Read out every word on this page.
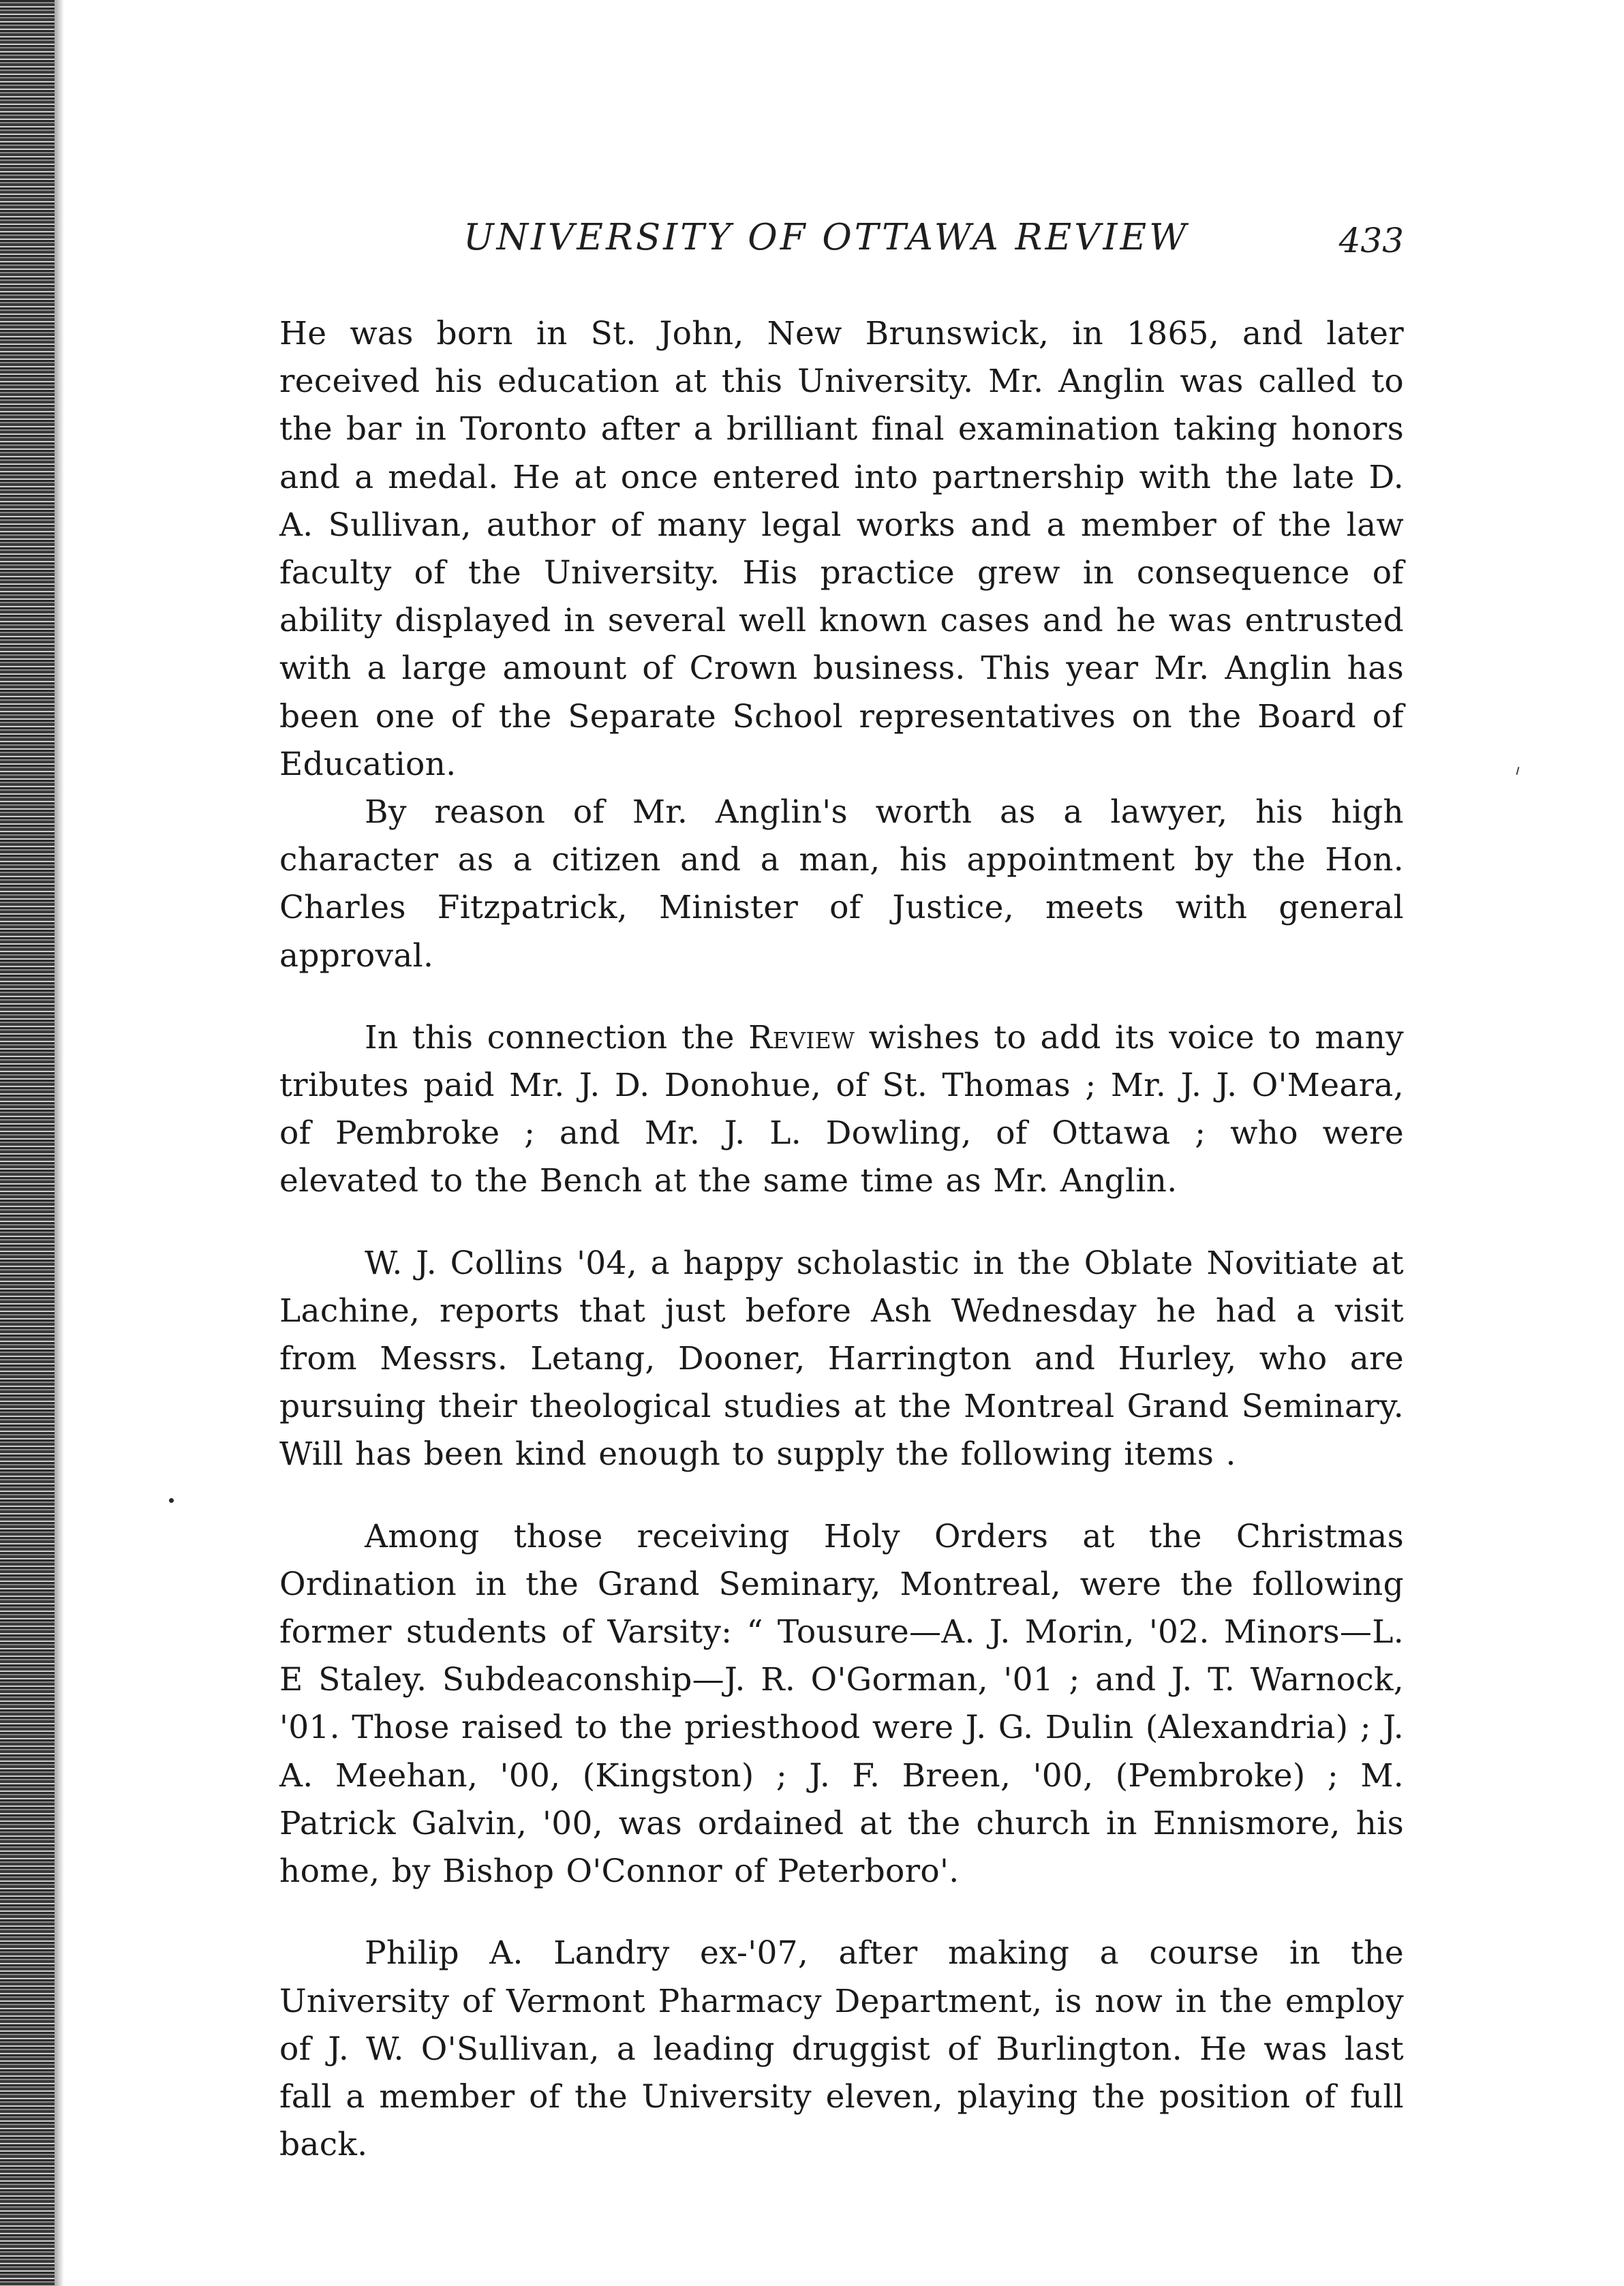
UNIVERSITY OF OTTAWA REVIEW	433

He was born in St. John, New Brunswick, in 1865, and later received his education at this University. Mr. Anglin was called to the bar in Toronto after a brilliant final examination taking honors and a medal. He at once entered into partnership with the late D. A. Sullivan, author of many legal works and a member of the law faculty of the University. His practice grew in consequence of ability displayed in several well known cases and he was entrusted with a large amount of Crown business. This year Mr. Anglin has been one of the Separate School representatives on the Board of Education.

By reason of Mr. Anglin's worth as a lawyer, his high character as a citizen and a man, his appointment by the Hon. Charles Fitzpatrick, Minister of Justice, meets with general approval.

In this connection the Review wishes to add its voice to many tributes paid Mr. J. D. Donohue, of St. Thomas ; Mr. J. J. O'Meara, of Pembroke ; and Mr. J. L. Dowling, of Ottawa ; who were elevated to the Bench at the same time as Mr. Anglin.

W. J. Collins '04, a happy scholastic in the Oblate Novitiate at Lachine, reports that just before Ash Wednesday he had a visit from Messrs. Letang, Dooner, Harrington and Hurley, who are pursuing their theological studies at the Montreal Grand Seminary. Will has been kind enough to supply the following items .

Among those receiving Holy Orders at the Christmas Ordination in the Grand Seminary, Montreal, were the following former students of Varsity: “ Tousure—A. J. Morin, '02. Minors—L. E Staley. Subdeaconship—J. R. O'Gorman, '01 ; and J. T. Warnock, '01. Those raised to the priesthood were J. G. Dulin (Alexandria) ; J. A. Meehan, '00, (Kingston) ; J. F. Breen, '00, (Pembroke) ; M. Patrick Galvin, '00, was ordained at the church in Ennismore, his home, by Bishop O'Connor of Peterboro'.

Philip A. Landry ex-'07, after making a course in the University of Vermont Pharmacy Department, is now in the employ of J. W. O'Sullivan, a leading druggist of Burlington. He was last fall a member of the University eleven, playing the position of full back.
